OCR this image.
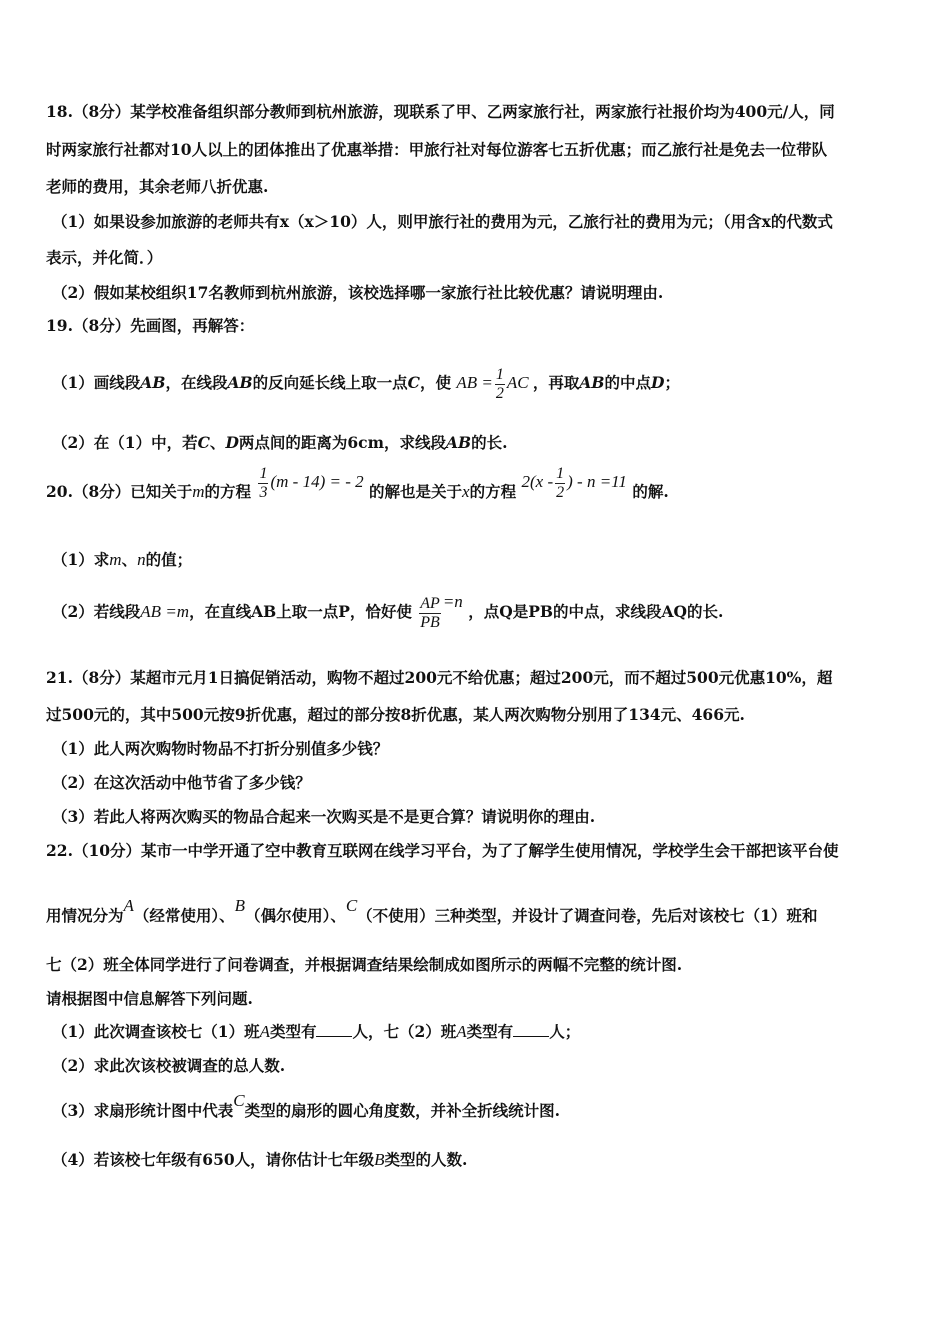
18.（8分）某学校准备组织部分教师到杭州旅游，现联系了甲、乙两家旅行社，两家旅行社报价均为400元/人，同
时两家旅行社都对10人以上的团体推出了优惠举措：甲旅行社对每位游客七五折优惠；而乙旅行社是免去一位带队
老师的费用，其余老师八折优惠.
（1）如果设参加旅游的老师共有x（x＞10）人，则甲旅行社的费用为元，乙旅行社的费用为元；（用含x的代数式
表示，并化简．）
（2）假如某校组织17名教师到杭州旅游，该校选择哪一家旅行社比较优惠？请说明理由.
19.（8分）先画图，再解答：
（1）画线段AB，在线段AB的反向延长线上取一点C，使 AB = $\frac{1}{2}$ AC ，再取AB的中点D；
（2）在（1）中，若C、D两点间的距离为6cm，求线段AB的长.
20.（8分）已知关于m的方程 $\frac{1}{3} (m - 14)$ = - 2 的解也是关于x的方程 $2(x - \frac{1}{2}$ ) - n =11 的解.
（1）求m、n的值；
（2）若线段AB =m，在直线AB上取一点P，恰好使 $\frac{AP}{PB} =n$ ，点Q是PB的中点，求线段AQ的长.
21.（8分）某超市元月1日搞促销活动，购物不超过200元不给优惠；超过200元，而不超过500元优惠10%，超
过500元的，其中500元按9折优惠，超过的部分按8折优惠，某人两次购物分别用了134元、466元.
（1）此人两次购物时物品不打折分别值多少钱？
（2）在这次活动中他节省了多少钱？
（3）若此人将两次购买的物品合起来一次购买是不是更合算？请说明你的理由.
22.（10分）某市一中学开通了空中教育互联网在线学习平台，为了了解学生使用情况，学校学生会干部把该平台使
用情况分为A（经常使用）、B（偶尔使用）、C（不使用）三种类型，并设计了调查问卷，先后对该校七（1）班和
七（2）班全体同学进行了问卷调查，并根据调查结果绘制成如图所示的两幅不完整的统计图.
请根据图中信息解答下列问题.
（1）此次调查该校七（1）班A类型有 人，七（2）班A类型有 人；
（2）求此次该校被调查的总人数.
（3）求扇形统计图中代表C类型的扇形的圆心角度数，并补全折线统计图.
（4）若该校七年级有650人，请你估计七年级B类型的人数.
